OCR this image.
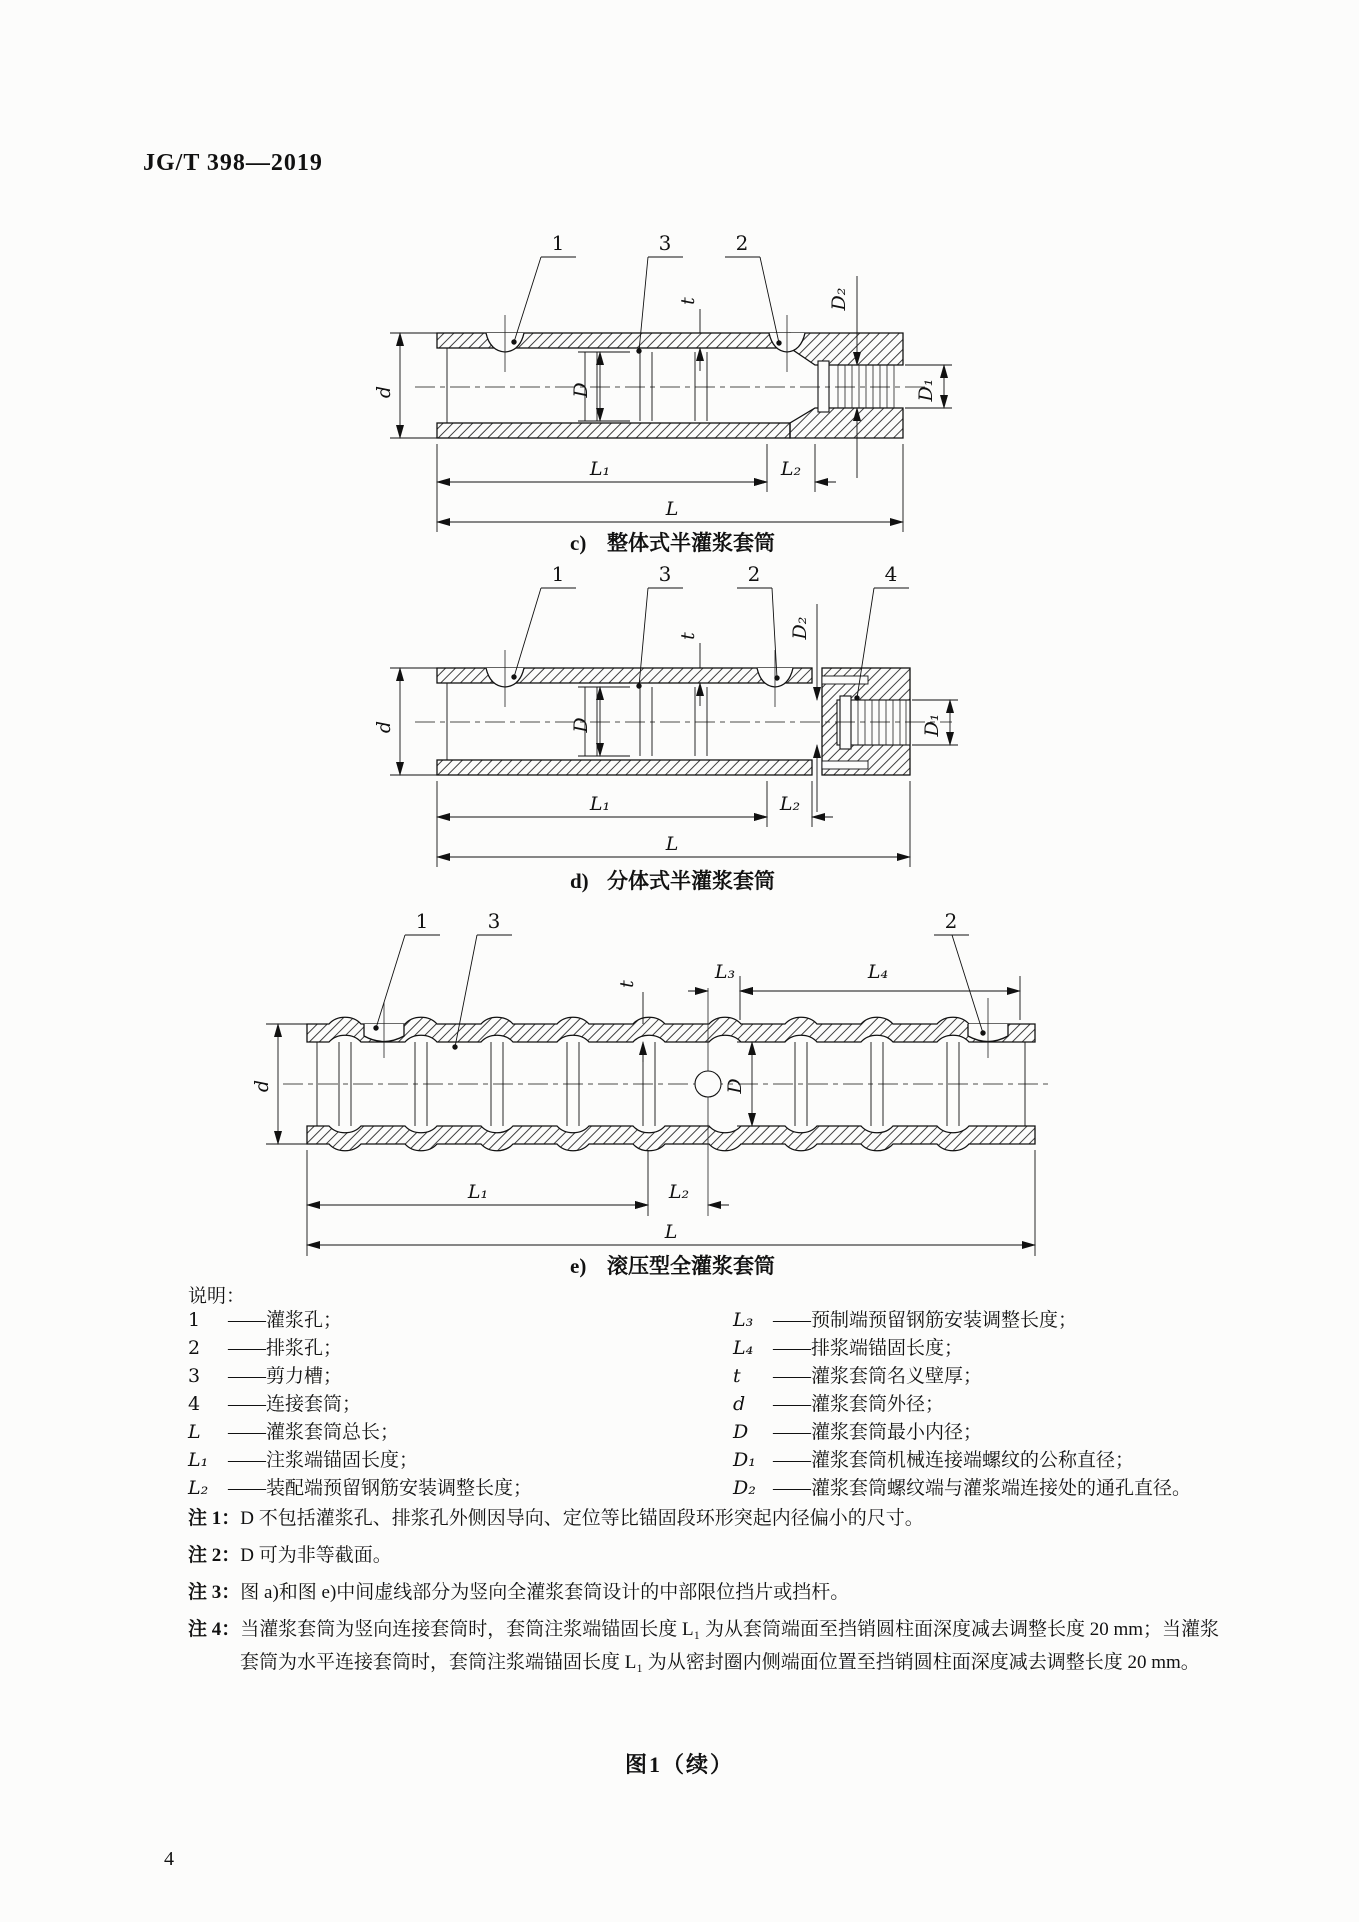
JG/T 398—2019
1	3	2
d	D
t	D₂
D₁
L₁	L₂
L
c) 整体式半灌浆套筒
1	3	2	4
d	D
t	D₂
D₁
L₁	L₂
L
d) 分体式半灌浆套筒
1	3	2
t
L₃	L₄
D
d
L₁	L₂
L
e) 滚压型全灌浆套筒
说明：
1	——灌浆孔；
2	——排浆孔；
3	——剪力槽；
4	——连接套筒；
L	——灌浆套筒总长；
L₁	——注浆端锚固长度；
L₂	——装配端预留钢筋安装调整长度；
L₃	——预制端预留钢筋安装调整长度；
L₄	——排浆端锚固长度；
t	——灌浆套筒名义壁厚；
d	——灌浆套筒外径；
D	——灌浆套筒最小内径；
D₁ ——灌浆套筒机械连接端螺纹的公称直径；
D₂ ——灌浆套筒螺纹端与灌浆端连接处的通孔直径。
注 1：D 不包括灌浆孔、排浆孔外侧因导向、定位等比锚固段环形突起内径偏小的尺寸。
注 2：D 可为非等截面。
注 3：图 a)和图 e)中间虚线部分为竖向全灌浆套筒设计的中部限位挡片或挡杆。
注 4：当灌浆套筒为竖向连接套筒时，套筒注浆端锚固长度 L₁ 为从套筒端面至挡销圆柱面深度减去调整长度 20 mm；当灌浆套筒为水平连接套筒时，套筒注浆端锚固长度 L₁ 为从密封圈内侧端面位置至挡销圆柱面深度减去调整长度 20 mm。
图1（续）
4
